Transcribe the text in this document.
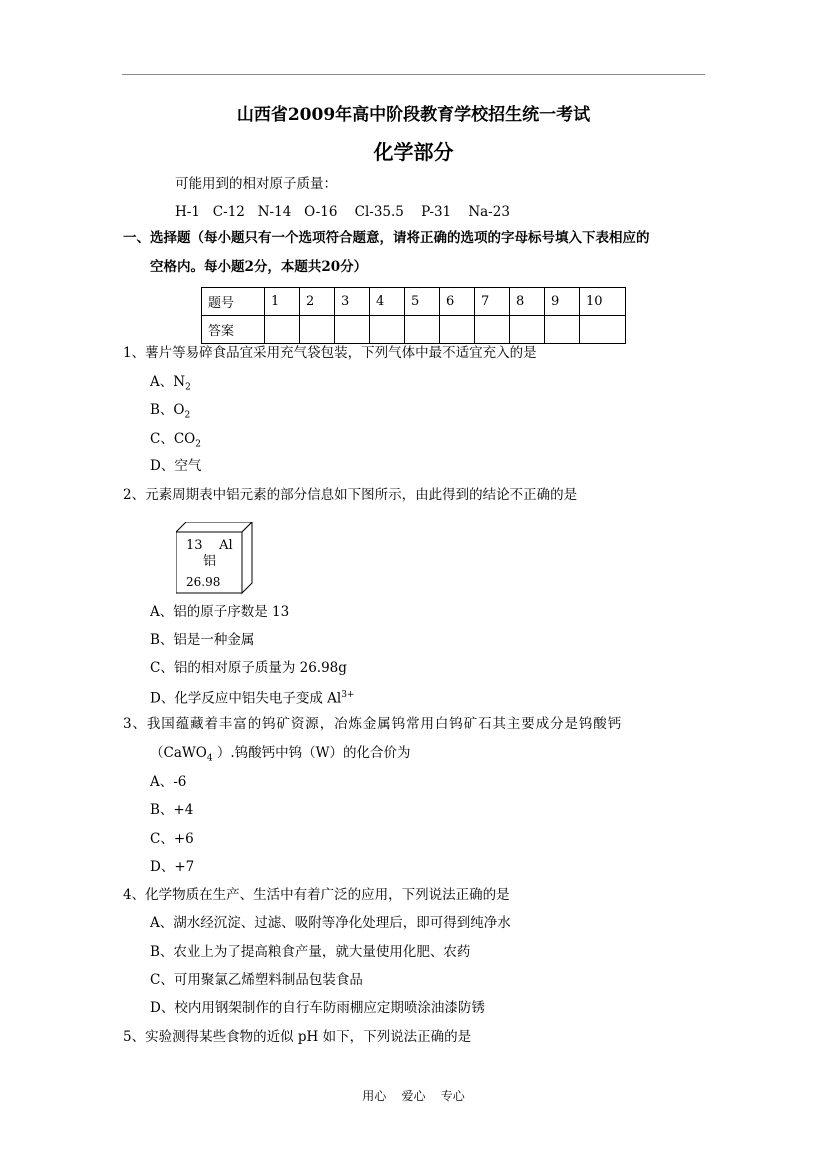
山西省2009年高中阶段教育学校招生统一考试
化学部分
可能用到的相对原子质量：
H-1   C-12   N-14   O-16    Cl-35.5    P-31    Na-23
一、选择题（每小题只有一个选项符合题意，请将正确的选项的字母标号填入下表相应的
空格内。每小题2分，本题共20分）
题号	1	2	3	4	5	6	7	8	9	10
答案										
1、薯片等易碎食品宜采用充气袋包装，下列气体中最不适宜充入的是
A、$N_2$
B、$O_2$
C、$CO_2$
D、空气
2、元素周期表中铝元素的部分信息如下图所示，由此得到的结论不正确的是
13    Al
铝
26.98
A、铝的原子序数是 13
B、铝是一种金属
C、铝的相对原子质量为 26.98g
D、化学反应中铝失电子变成 $Al^{3+}$
3、我国蕴藏着丰富的钨矿资源，冶炼金属钨常用白钨矿石其主要成分是钨酸钙
（CaWO$_4$ ）.钨酸钙中钨（W）的化合价为
A、-6
B、+4
C、+6
D、+7
4、化学物质在生产、生活中有着广泛的应用，下列说法正确的是
A、湖水经沉淀、过滤、吸附等净化处理后，即可得到纯净水
B、农业上为了提高粮食产量，就大量使用化肥、农药
C、可用聚氯乙烯塑料制品包装食品
D、校内用钢架制作的自行车防雨棚应定期喷涂油漆防锈
5、实验测得某些食物的近似 pH 如下，下列说法正确的是
用心    爱心    专心
